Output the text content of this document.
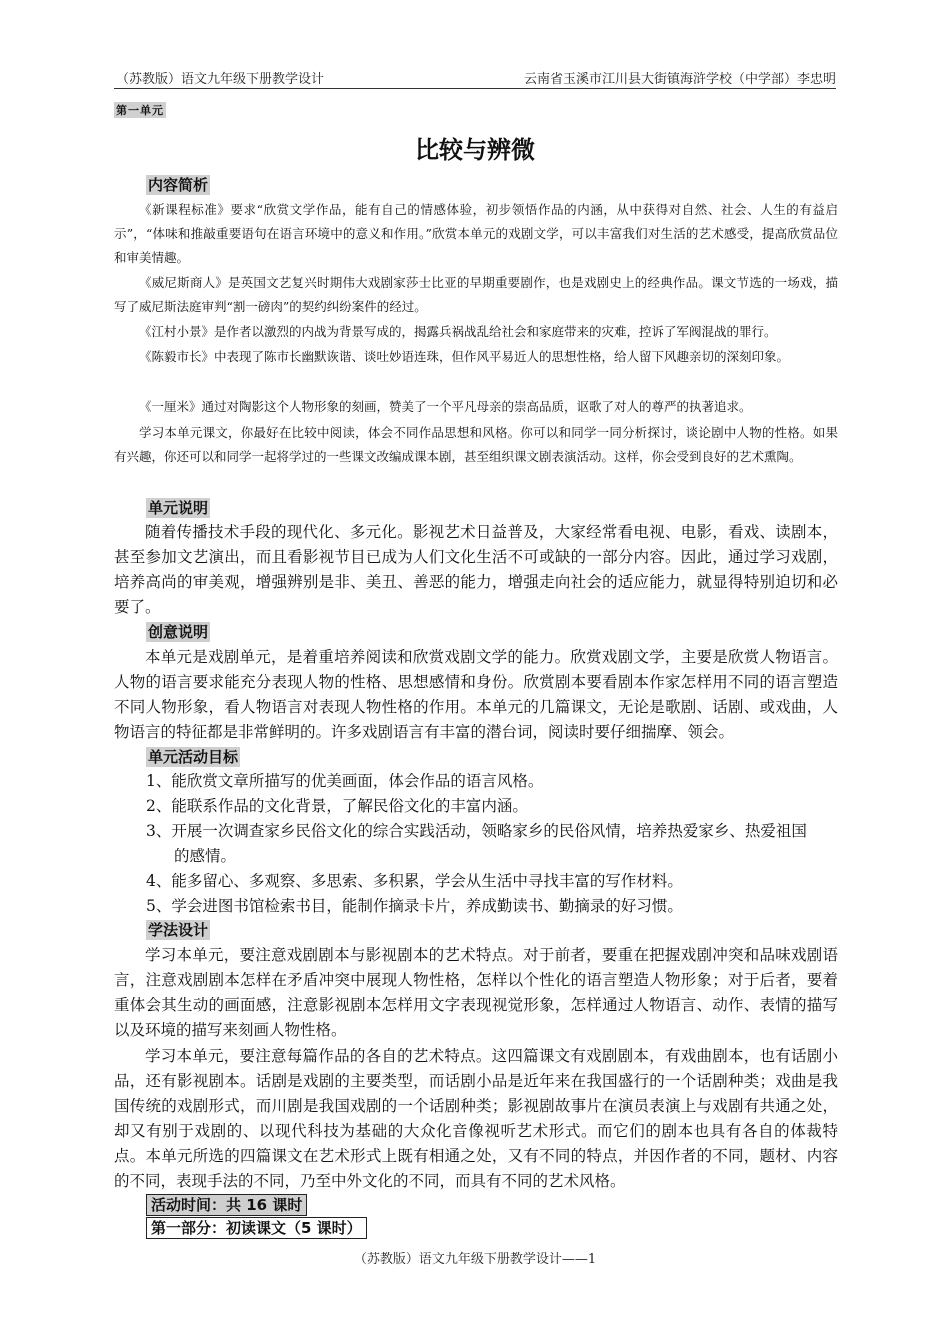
（苏教版）语文九年级下册教学设计	云南省玉溪市江川县大街镇海浒学校（中学部）李忠明
第一单元
比较与辨微
内容简析
《新课程标准》要求“欣赏文学作品，能有自己的情感体验，初步领悟作品的内涵，从中获得对自然、社会、人生的有益启示”，“体味和推敲重要语句在语言环境中的意义和作用。”欣赏本单元的戏剧文学，可以丰富我们对生活的艺术感受，提高欣赏品位和审美情趣。
《威尼斯商人》是英国文艺复兴时期伟大戏剧家莎士比亚的早期重要剧作，也是戏剧史上的经典作品。课文节选的一场戏，描写了威尼斯法庭审判“割一磅肉”的契约纠纷案件的经过。
《江村小景》是作者以激烈的内战为背景写成的，揭露兵祸战乱给社会和家庭带来的灾难，控诉了军阀混战的罪行。
《陈毅市长》中表现了陈市长幽默诙谐、谈吐妙语连珠，但作风平易近人的思想性格，给人留下风趣亲切的深刻印象。
《一厘米》通过对陶影这个人物形象的刻画，赞美了一个平凡母亲的崇高品质，讴歌了对人的尊严的执著追求。
学习本单元课文，你最好在比较中阅读，体会不同作品思想和风格。你可以和同学一同分析探讨，谈论剧中人物的性格。如果有兴趣，你还可以和同学一起将学过的一些课文改编成课本剧，甚至组织课文剧表演活动。这样，你会受到良好的艺术熏陶。
单元说明
随着传播技术手段的现代化、多元化。影视艺术日益普及，大家经常看电视、电影，看戏、读剧本，甚至参加文艺演出，而且看影视节目已成为人们文化生活不可或缺的一部分内容。因此，通过学习戏剧，培养高尚的审美观，增强辨别是非、美丑、善恶的能力，增强走向社会的适应能力，就显得特别迫切和必要了。
创意说明
本单元是戏剧单元，是着重培养阅读和欣赏戏剧文学的能力。欣赏戏剧文学，主要是欣赏人物语言。人物的语言要求能充分表现人物的性格、思想感情和身份。欣赏剧本要看剧本作家怎样用不同的语言塑造不同人物形象，看人物语言对表现人物性格的作用。本单元的几篇课文，无论是歌剧、话剧、或戏曲，人物语言的特征都是非常鲜明的。许多戏剧语言有丰富的潜台词，阅读时要仔细揣摩、领会。
单元活动目标
1、能欣赏文章所描写的优美画面，体会作品的语言风格。
2、能联系作品的文化背景，了解民俗文化的丰富内涵。
3、开展一次调查家乡民俗文化的综合实践活动，领略家乡的民俗风情，培养热爱家乡、热爱祖国
的感情。
4、能多留心、多观察、多思索、多积累，学会从生活中寻找丰富的写作材料。
5、学会进图书馆检索书目，能制作摘录卡片，养成勤读书、勤摘录的好习惯。
学法设计
学习本单元，要注意戏剧剧本与影视剧本的艺术特点。对于前者，要重在把握戏剧冲突和品味戏剧语言，注意戏剧剧本怎样在矛盾冲突中展现人物性格，怎样以个性化的语言塑造人物形象；对于后者，要着重体会其生动的画面感，注意影视剧本怎样用文字表现视觉形象，怎样通过人物语言、动作、表情的描写以及环境的描写来刻画人物性格。
学习本单元，要注意每篇作品的各自的艺术特点。这四篇课文有戏剧剧本，有戏曲剧本，也有话剧小品，还有影视剧本。话剧是戏剧的主要类型，而话剧小品是近年来在我国盛行的一个话剧种类；戏曲是我国传统的戏剧形式，而川剧是我国戏剧的一个话剧种类；影视剧故事片在演员表演上与戏剧有共通之处，却又有别于戏剧的、以现代科技为基础的大众化音像视听艺术形式。而它们的剧本也具有各自的体裁特点。本单元所选的四篇课文在艺术形式上既有相通之处，又有不同的特点，并因作者的不同，题材、内容的不同，表现手法的不同，乃至中外文化的不同，而具有不同的艺术风格。
活动时间：共 16 课时
第一部分：初读课文（5 课时）
（苏教版）语文九年级下册教学设计——1
